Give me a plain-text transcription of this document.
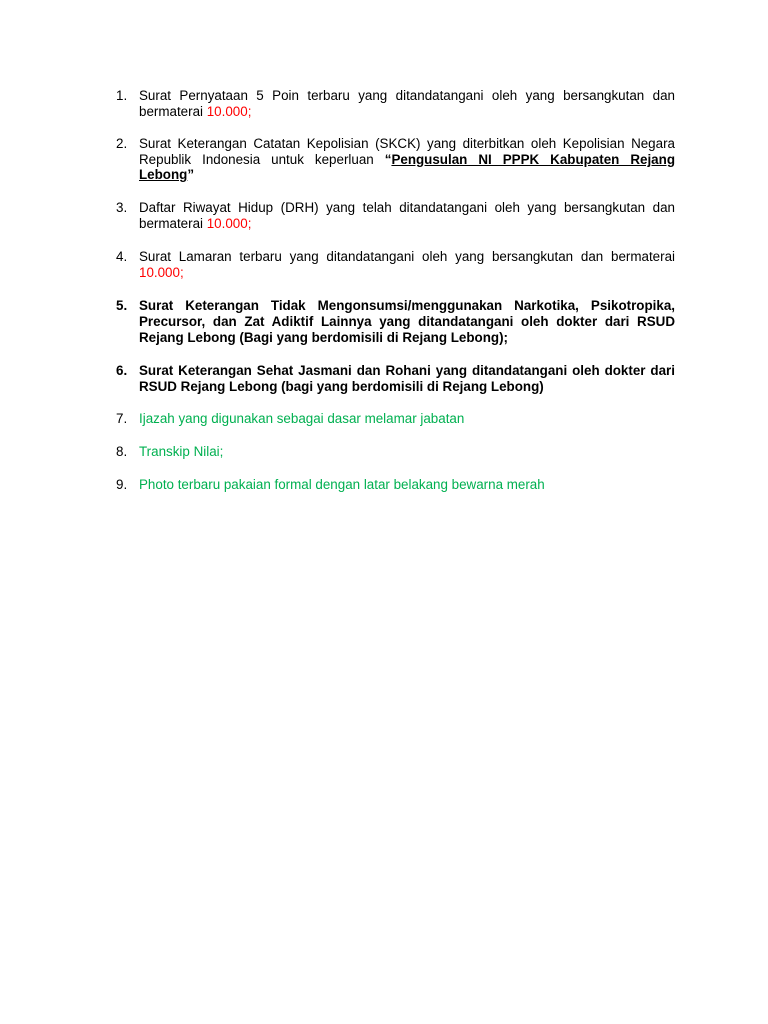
1. Surat Pernyataan 5 Poin terbaru yang ditandatangani oleh yang bersangkutan dan bermaterai 10.000;
2. Surat Keterangan Catatan Kepolisian (SKCK) yang diterbitkan oleh Kepolisian Negara Republik Indonesia untuk keperluan “Pengusulan NI PPPK Kabupaten Rejang Lebong”
3. Daftar Riwayat Hidup (DRH) yang telah ditandatangani oleh yang bersangkutan dan bermaterai 10.000;
4. Surat Lamaran terbaru yang ditandatangani oleh yang bersangkutan dan bermaterai 10.000;
5. Surat Keterangan Tidak Mengonsumsi/menggunakan Narkotika, Psikotropika, Precursor, dan Zat Adiktif Lainnya yang ditandatangani oleh dokter dari RSUD Rejang Lebong (Bagi yang berdomisili di Rejang Lebong);
6. Surat Keterangan Sehat Jasmani dan Rohani yang ditandatangani oleh dokter dari RSUD Rejang Lebong (bagi yang berdomisili di Rejang Lebong)
7. Ijazah yang digunakan sebagai dasar melamar jabatan
8. Transkip Nilai;
9. Photo terbaru pakaian formal dengan latar belakang bewarna merah
